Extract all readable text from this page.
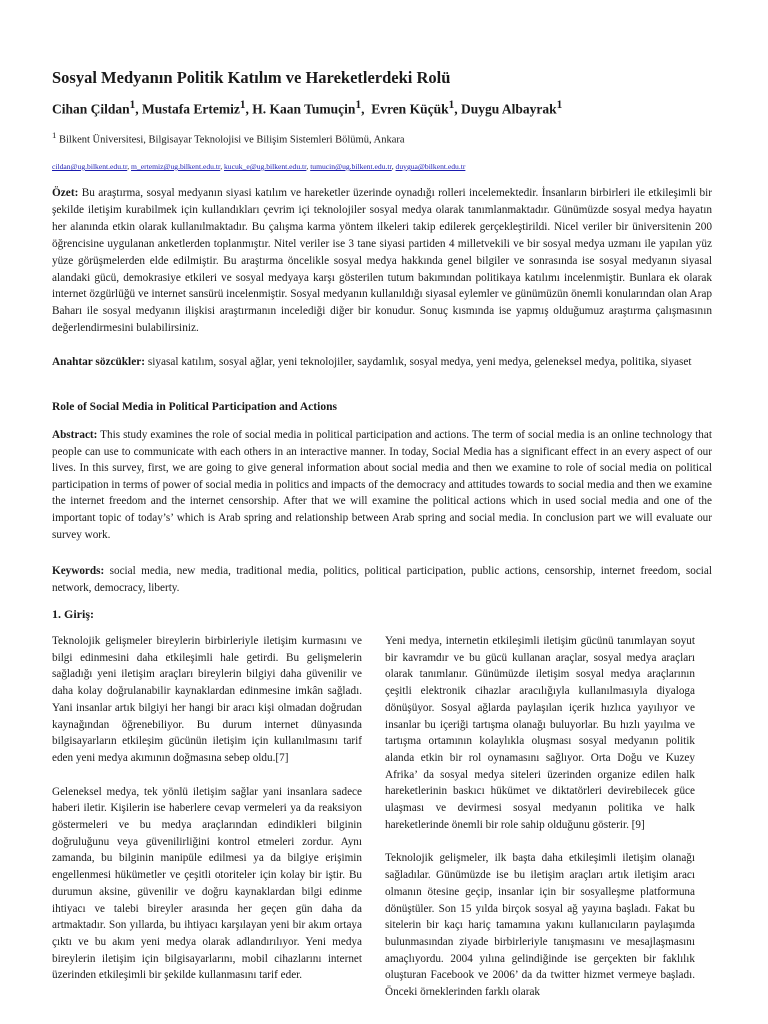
Sosyal Medyanın Politik Katılım ve Hareketlerdeki Rolü
Cihan Çildan$^1$, Mustafa Ertemiz$^1$, H. Kaan Tumuçin$^1$,  Evren Küçük$^1$, Duygu Albayrak$^1$
$^1$ Bilkent Üniversitesi, Bilgisayar Teknolojisi ve Bilişim Sistemleri Bölümü, Ankara
cildan@ug.bilkent.edu.tr, m_ertemiz@ug.bilkent.edu.tr, kucuk_e@ug.bilkent.edu.tr, tumucin@ug.bilkent.edu.tr, duygua@bilkent.edu.tr
Özet: Bu araştırma, sosyal medyanın siyasi katılım ve hareketler üzerinde oynadığı rolleri incelemektedir. İnsanların birbirleri ile etkileşimli bir şekilde iletişim kurabilmek için kullandıkları çevrim içi teknolojiler sosyal medya olarak tanımlanmaktadır. Günümüzde sosyal medya hayatın her alanında etkin olarak kullanılmaktadır. Bu çalışma karma yöntem ilkeleri takip edilerek gerçekleştirildi. Nicel veriler bir üniversitenin 200 öğrencisine uygulanan anketlerden toplanmıştır. Nitel veriler ise 3 tane siyasi partiden 4 milletvekili ve bir sosyal medya uzmanı ile yapılan yüz yüze görüşmelerden elde edilmiştir. Bu araştırma öncelikle sosyal medya hakkında genel bilgiler ve sonrasında ise sosyal medyanın siyasal alandaki gücü, demokrasiye etkileri ve sosyal medyaya karşı gösterilen tutum bakımından politikaya katılımı incelenmiştir. Bunlara ek olarak internet özgürlüğü ve internet sansürü incelenmiştir. Sosyal medyanın kullanıldığı siyasal eylemler ve günümüzün önemli konularından olan Arap Baharı ile sosyal medyanın ilişkisi araştırmanın incelediği diğer bir konudur. Sonuç kısmında ise yapmış olduğumuz araştırma çalışmasının değerlendirmesini bulabilirsiniz.
Anahtar sözcükler: siyasal katılım, sosyal ağlar, yeni teknolojiler, saydamlık, sosyal medya, yeni medya, geleneksel medya, politika, siyaset
Role of Social Media in Political Participation and Actions
Abstract: This study examines the role of social media in political participation and actions. The term of social media is an online technology that people can use to communicate with each others in an interactive manner. In today, Social Media has a significant effect in an every aspect of our lives. In this survey, first, we are going to give general information about social media and then we examine to role of social media on political participation in terms of power of social media in politics and impacts of the democracy and attitudes towards to social media and then we examine the internet freedom and the internet censorship. After that we will examine the political actions which in used social media and one of the important topic of today’s’ which is Arab spring and relationship between Arab spring and social media. In conclusion part we will evaluate our survey work.
Keywords: social media, new media, traditional media, politics, political participation, public actions, censorship, internet freedom, social network, democracy, liberty.
1. Giriş:

Teknolojik gelişmeler bireylerin birbirleriyle iletişim kurmasını ve bilgi edinmesini daha etkileşimli hale getirdi. Bu gelişmelerin sağladığı yeni iletişim araçları bireylerin bilgiyi daha güvenilir ve daha kolay doğrulanabilir kaynaklardan edinmesine imkân sağladı. Yani insanlar artık bilgiyi her hangi bir aracı kişi olmadan doğrudan kaynağından öğrenebiliyor. Bu durum internet dünyasında bilgisayarların etkileşim gücünün iletişim için kullanılmasını tarif eden yeni medya akımının doğmasına sebep oldu.[7]

Geleneksel medya, tek yönlü iletişim sağlar yani insanlara sadece haberi iletir. Kişilerin ise haberlere cevap vermeleri ya da reaksiyon göstermeleri ve bu medya araçlarından edindikleri bilginin doğruluğunu veya güvenilirliğini kontrol etmeleri zordur. Aynı zamanda, bu bilginin manipüle edilmesi ya da bilgiye erişimin engellenmesi hükümetler ve çeşitli otoriteler için kolay bir iştir. Bu durumun aksine, güvenilir ve doğru kaynaklardan bilgi edinme ihtiyacı ve talebi bireyler arasında her geçen gün daha da artmaktadır. Son yıllarda, bu ihtiyacı karşılayan yeni bir akım ortaya çıktı ve bu akım yeni medya olarak adlandırılıyor. Yeni medya bireylerin iletişim için bilgisayarlarını, mobil cihazlarını internet üzerinden etkileşimli bir şekilde kullanmasını tarif eder.

Yeni medya, internetin etkileşimli iletişim gücünü tanımlayan soyut bir kavramdır ve bu gücü kullanan araçlar, sosyal medya araçları olarak tanımlanır. Günümüzde iletişim sosyal medya araçlarının çeşitli elektronik cihazlar aracılığıyla kullanılmasıyla diyaloga dönüşüyor. Sosyal ağlarda paylaşılan içerik hızlıca yayılıyor ve insanlar bu içeriği tartışma olanağı buluyorlar. Bu hızlı yayılma ve tartışma ortamının kolaylıkla oluşması sosyal medyanın politik alanda etkin bir rol oynamasını sağlıyor. Orta Doğu ve Kuzey Afrika’ da sosyal medya siteleri üzerinden organize edilen halk hareketlerinin baskıcı hükümet ve diktatörleri devirebilecek güce ulaşması ve devirmesi sosyal medyanın politika ve halk hareketlerinde önemli bir role sahip olduğunu gösterir. [9]

Teknolojik gelişmeler, ilk başta daha etkileşimli iletişim olanağı sağladılar. Günümüzde ise bu iletişim araçları artık iletişim aracı olmanın ötesine geçip, insanlar için bir sosyalleşme platformuna dönüştüler. Son 15 yılda birçok sosyal ağ yayına başladı. Fakat bu sitelerin bir kaçı hariç tamamına yakını kullanıcıların paylaşımda bulunmasından ziyade birbirleriyle tanışmasını ve mesajlaşmasını amaçlıyordu. 2004 yılına gelindiğinde ise gerçekten bir faklılık oluşturan Facebook ve 2006’ da da twitter hizmet vermeye başladı. Önceki örneklerinden farklı olarak
